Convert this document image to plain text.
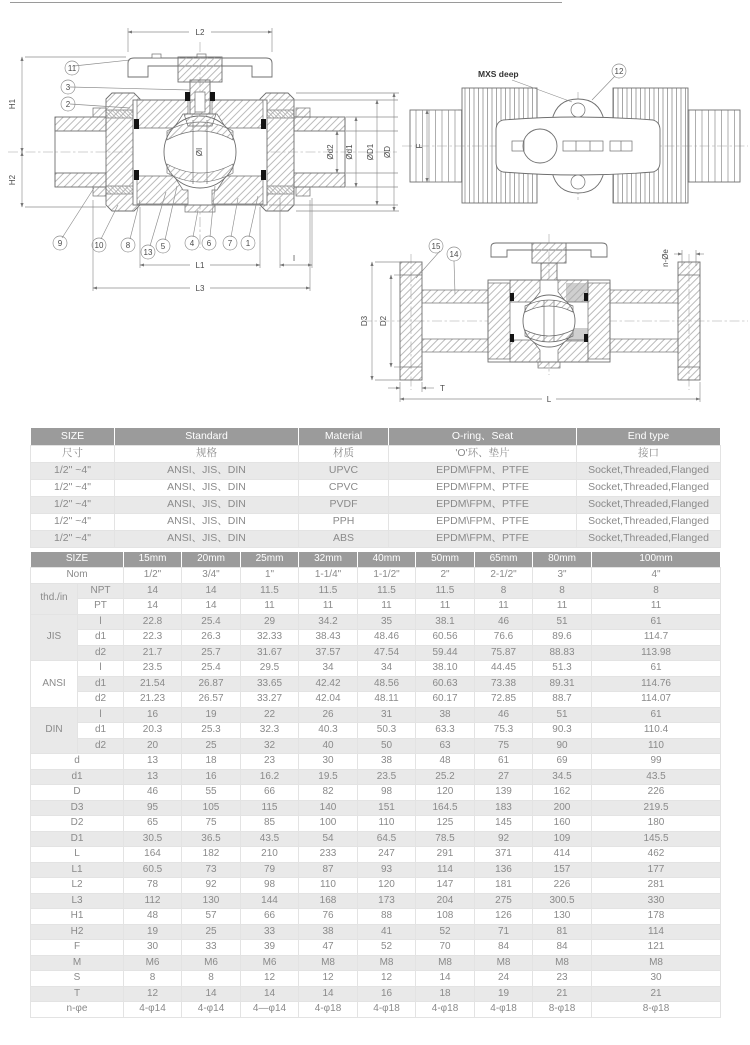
L2
H1
H2
ØI	Ød2 Ød1 ØD1 ØD
L1
l
L3
11
3
2
9	10	8
13
5	4 6 7 1
F
MXS deep	12
D3 D2
T
L
n-Øe
15
14
SIZE	Standard	Material	O-ring、Seat	End type
尺寸	规格	材质	'O'环、垫片	接口
1/2" ~4"	ANSI、JIS、DIN	UPVC	EPDM\FPM、PTFE	Socket,Threaded,Flanged
1/2" ~4"	ANSI、JIS、DIN	CPVC	EPDM\FPM、PTFE	Socket,Threaded,Flanged
1/2" ~4"	ANSI、JIS、DIN	PVDF	EPDM\FPM、PTFE	Socket,Threaded,Flanged
1/2" ~4"	ANSI、JIS、DIN	PPH	EPDM\FPM、PTFE	Socket,Threaded,Flanged
1/2" ~4"	ANSI、JIS、DIN	ABS	EPDM\FPM、PTFE	Socket,Threaded,Flanged
SIZE		15mm	20mm	25mm	32mm	40mm	50mm	65mm	80mm	100mm
Nom		1/2"	3/4"	1"	1-1/4"	1-1/2"	2"	2-1/2"	3"	4"
thd./in	NPT	14	14	11.5	11.5	11.5	11.5	8	8	8
	PT	14	14	11	11	11	11	11	11	11
JIS	l	22.8	25.4	29	34.2	35	38.1	46	51	61
	d1	22.3	26.3	32.33	38.43	48.46	60.56	76.6	89.6	114.7
	d2	21.7	25.7	31.67	37.57	47.54	59.44	75.87	88.83	113.98
ANSI	l	23.5	25.4	29.5	34	34	38.10	44.45	51.3	61
	d1	21.54	26.87	33.65	42.42	48.56	60.63	73.38	89.31	114.76
	d2	21.23	26.57	33.27	42.04	48.11	60.17	72.85	88.7	114.07
DIN	l	16	19	22	26	31	38	46	51	61
	d1	20.3	25.3	32.3	40.3	50.3	63.3	75.3	90.3	110.4
	d2	20	25	32	40	50	63	75	90	110
d		13	18	23	30	38	48	61	69	99
d1		13	16	16.2	19.5	23.5	25.2	27	34.5	43.5
D		46	55	66	82	98	120	139	162	226
D3		95	105	115	140	151	164.5	183	200	219.5
D2		65	75	85	100	110	125	145	160	180
D1		30.5	36.5	43.5	54	64.5	78.5	92	109	145.5
L		164	182	210	233	247	291	371	414	462
L1		60.5	73	79	87	93	114	136	157	177
L2		78	92	98	110	120	147	181	226	281
L3		112	130	144	168	173	204	275	300.5	330
H1		48	57	66	76	88	108	126	130	178
H2		19	25	33	38	41	52	71	81	114
F		30	33	39	47	52	70	84	84	121
M		M6	M6	M6	M8	M8	M8	M8	M8	M8
S		8	8	12	12	12	14	24	23	30
T		12	14	14	14	16	18	19	21	21
n-φe		4-φ14	4-φ14	4—φ14	4-φ18	4-φ18	4-φ18	4-φ18	8-φ18	8-φ18
